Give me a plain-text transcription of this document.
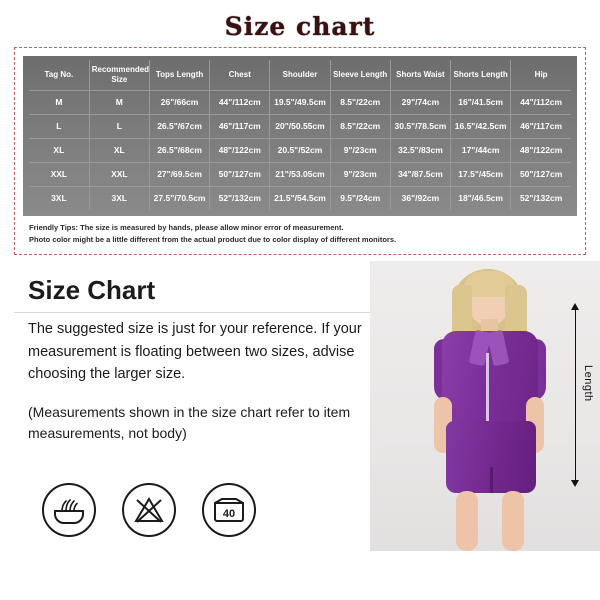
Size chart
Tag No.	Recommended Size	Tops Length	Chest	Shoulder	Sleeve Length	Shorts Waist	Shorts Length	Hip
M	M	26"/66cm	44"/112cm	19.5"/49.5cm	8.5"/22cm	29"/74cm	16"/41.5cm	44"/112cm
L	L	26.5"/67cm	46"/117cm	20"/50.55cm	8.5"/22cm	30.5"/78.5cm	16.5"/42.5cm	46"/117cm
XL	XL	26.5"/68cm	48"/122cm	20.5"/52cm	9"/23cm	32.5"/83cm	17"/44cm	48"/122cm
XXL	XXL	27"/69.5cm	50"/127cm	21"/53.05cm	9"/23cm	34"/87.5cm	17.5"/45cm	50"/127cm
3XL	3XL	27.5"/70.5cm	52"/132cm	21.5"/54.5cm	9.5"/24cm	36"/92cm	18"/46.5cm	52"/132cm
Friendly Tips: The size is measured by hands, please allow minor error of measurement.
Photo color might be a little different from the actual product due to color display of different monitors.
Size Chart

The suggested size is just for your reference. If your measurement is floating between two sizes, advise choosing the larger size.

(Measurements shown in the size chart refer to item measurements, not body)

40
Length
